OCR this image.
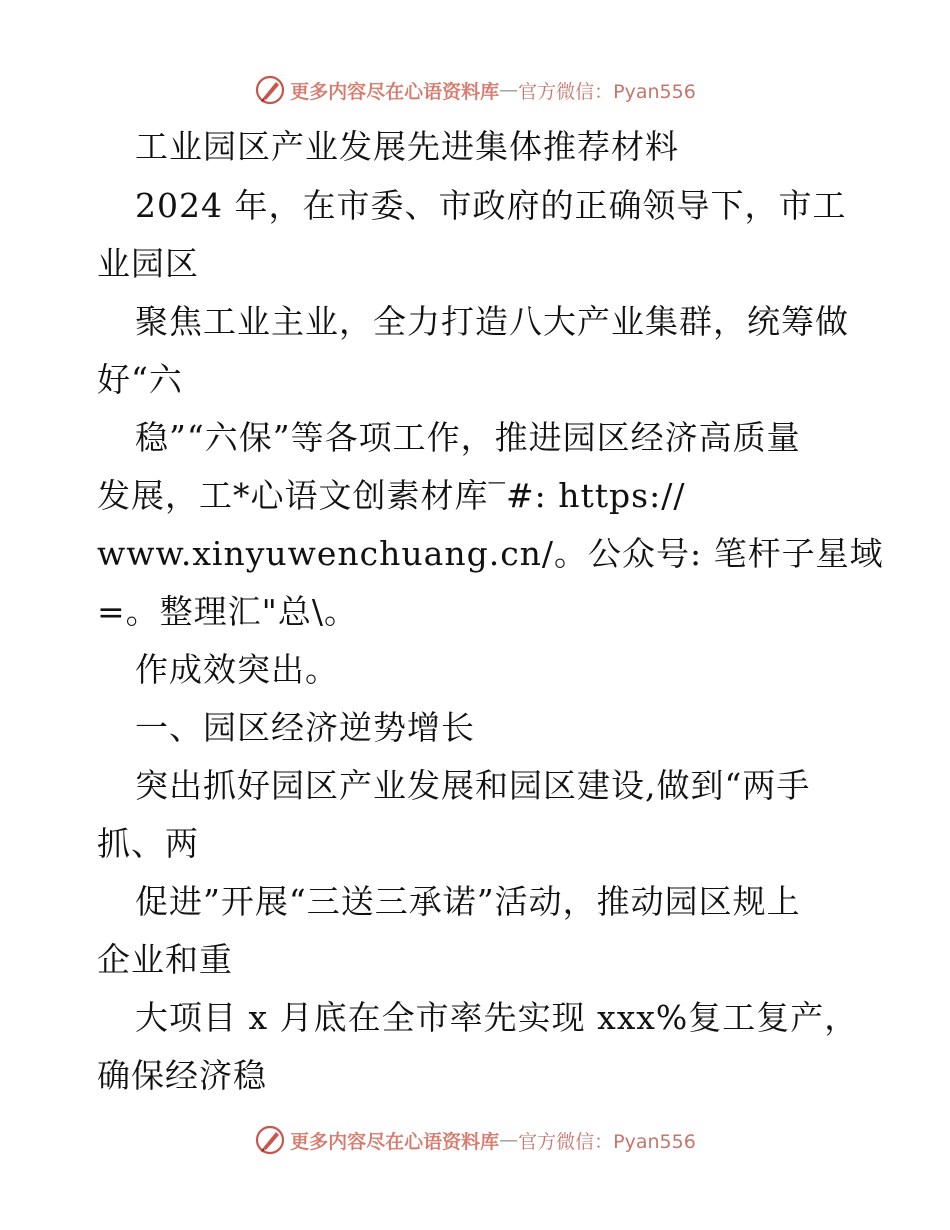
更多内容尽在心语资料库 — 官方微信：Pyan556
工业园区产业发展先进集体推荐材料
2024 年，在市委、市政府的正确领导下，市工
业园区
聚焦工业主业，全力打造八大产业集群，统筹做
好“六
稳”“六保”等各项工作，推进园区经济高质量
发展，工*心语文创素材库‾#: https://
www.xinyuwenchuang.cn/。公众号: 笔杆子星域
=。整理汇"总\。
作成效突出。
一、园区经济逆势增长
突出抓好园区产业发展和园区建设,做到“两手
抓、两
促进”开展“三送三承诺”活动，推动园区规上
企业和重
大项目 x 月底在全市率先实现 xxx%复工复产，
确保经济稳
更多内容尽在心语资料库 — 官方微信：Pyan556
